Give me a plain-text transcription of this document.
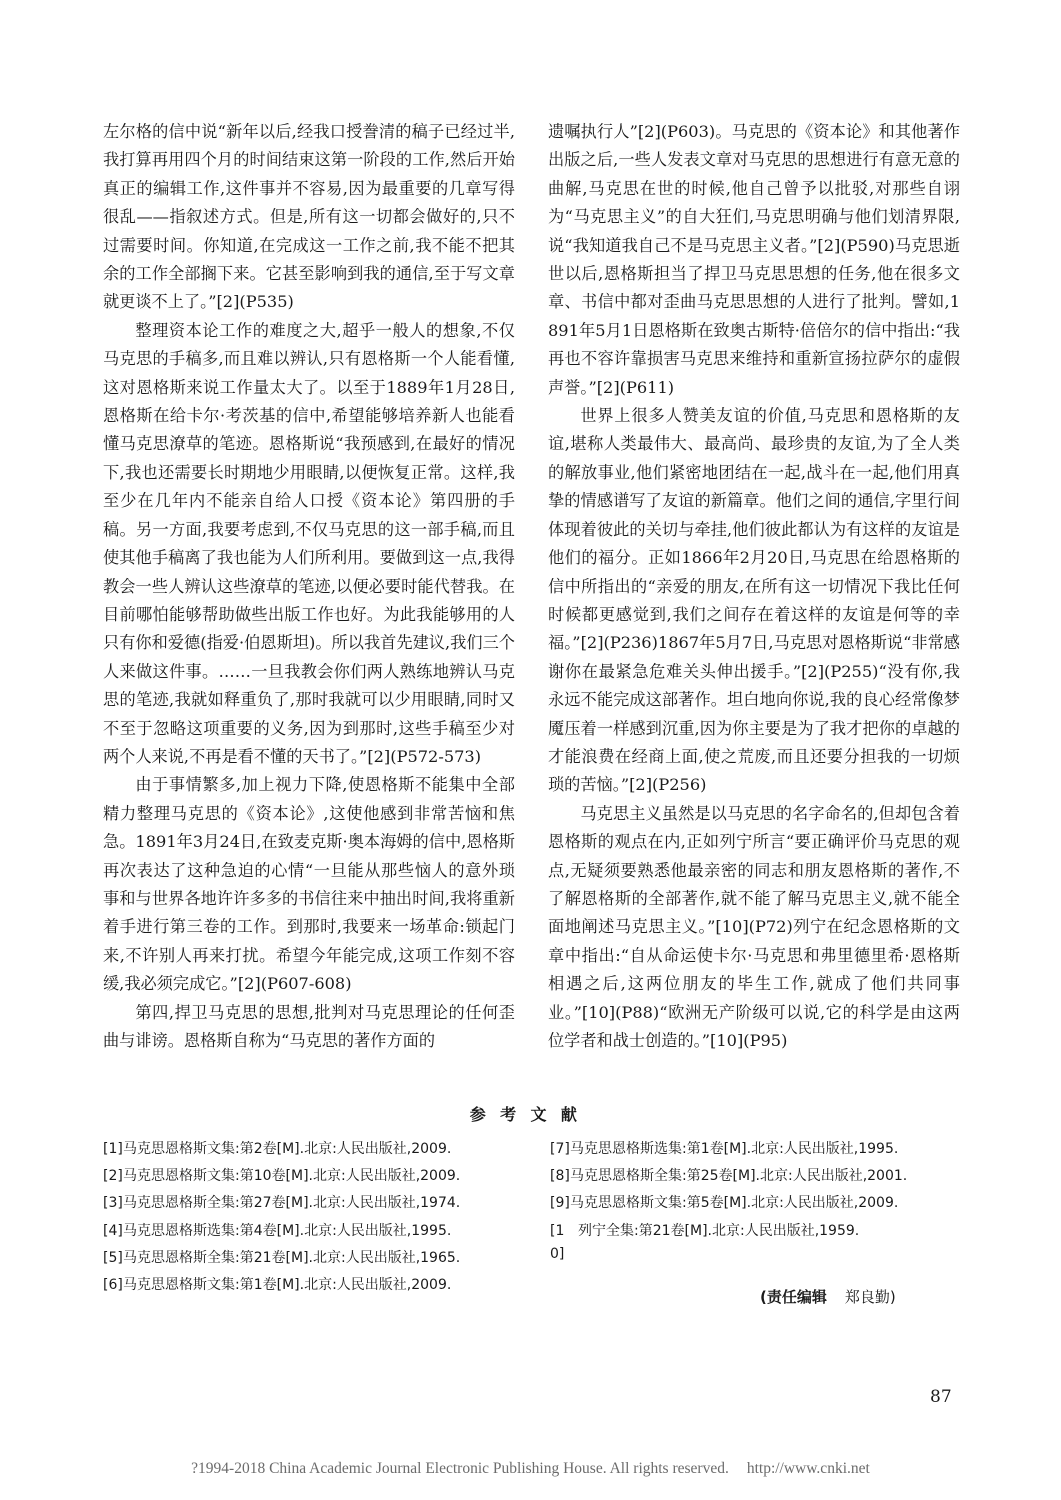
左尔格的信中说“新年以后,经我口授誊清的稿子已经过半,我打算再用四个月的时间结束这第一阶段的工作,然后开始真正的编辑工作,这件事并不容易,因为最重要的几章写得很乱——指叙述方式。但是,所有这一切都会做好的,只不过需要时间。你知道,在完成这一工作之前,我不能不把其余的工作全部搁下来。它甚至影响到我的通信,至于写文章就更谈不上了。”[2](P535)

整理资本论工作的难度之大,超乎一般人的想象,不仅马克思的手稿多,而且难以辨认,只有恩格斯一个人能看懂,这对恩格斯来说工作量太大了。以至于1889年1月28日,恩格斯在给卡尔·考茨基的信中,希望能够培养新人也能看懂马克思潦草的笔迹。恩格斯说“我预感到,在最好的情况下,我也还需要长时期地少用眼睛,以便恢复正常。这样,我至少在几年内不能亲自给人口授《资本论》第四册的手稿。另一方面,我要考虑到,不仅马克思的这一部手稿,而且使其他手稿离了我也能为人们所利用。要做到这一点,我得教会一些人辨认这些潦草的笔迹,以便必要时能代替我。在目前哪怕能够帮助做些出版工作也好。为此我能够用的人只有你和爱德(指爱·伯恩斯坦)。所以我首先建议,我们三个人来做这件事。……一旦我教会你们两人熟练地辨认马克思的笔迹,我就如释重负了,那时我就可以少用眼睛,同时又不至于忽略这项重要的义务,因为到那时,这些手稿至少对两个人来说,不再是看不懂的天书了。”[2](P572-573)

由于事情繁多,加上视力下降,使恩格斯不能集中全部精力整理马克思的《资本论》,这使他感到非常苦恼和焦急。1891年3月24日,在致麦克斯·奥本海姆的信中,恩格斯再次表达了这种急迫的心情“一旦能从那些恼人的意外琐事和与世界各地许许多多的书信往来中抽出时间,我将重新着手进行第三卷的工作。到那时,我要来一场革命:锁起门来,不许别人再来打扰。希望今年能完成,这项工作刻不容缓,我必须完成它。”[2](P607-608)

第四,捍卫马克思的思想,批判对马克思理论的任何歪曲与诽谤。恩格斯自称为“马克思的著作方面的

遗嘱执行人”[2](P603)。马克思的《资本论》和其他著作出版之后,一些人发表文章对马克思的思想进行有意无意的曲解,马克思在世的时候,他自己曾予以批驳,对那些自诩为“马克思主义”的自大狂们,马克思明确与他们划清界限,说“我知道我自己不是马克思主义者。”[2](P590)马克思逝世以后,恩格斯担当了捍卫马克思思想的任务,他在很多文章、书信中都对歪曲马克思思想的人进行了批判。譬如,1891年5月1日恩格斯在致奥古斯特·倍倍尔的信中指出:“我再也不容许靠损害马克思来维持和重新宣扬拉萨尔的虚假声誉。”[2](P611)

世界上很多人赞美友谊的价值,马克思和恩格斯的友谊,堪称人类最伟大、最高尚、最珍贵的友谊,为了全人类的解放事业,他们紧密地团结在一起,战斗在一起,他们用真挚的情感谱写了友谊的新篇章。他们之间的通信,字里行间体现着彼此的关切与牵挂,他们彼此都认为有这样的友谊是他们的福分。正如1866年2月20日,马克思在给恩格斯的信中所指出的“亲爱的朋友,在所有这一切情况下我比任何时候都更感觉到,我们之间存在着这样的友谊是何等的幸福。”[2](P236)1867年5月7日,马克思对恩格斯说“非常感谢你在最紧急危难关头伸出援手。”[2](P255)“没有你,我永远不能完成这部著作。坦白地向你说,我的良心经常像梦魇压着一样感到沉重,因为你主要是为了我才把你的卓越的才能浪费在经商上面,使之荒废,而且还要分担我的一切烦琐的苦恼。”[2](P256)

马克思主义虽然是以马克思的名字命名的,但却包含着恩格斯的观点在内,正如列宁所言“要正确评价马克思的观点,无疑须要熟悉他最亲密的同志和朋友恩格斯的著作,不了解恩格斯的全部著作,就不能了解马克思主义,就不能全面地阐述马克思主义。”[10](P72)列宁在纪念恩格斯的文章中指出:“自从命运使卡尔·马克思和弗里德里希·恩格斯相遇之后,这两位朋友的毕生工作,就成了他们共同事业。”[10](P88)“欧洲无产阶级可以说,它的科学是由这两位学者和战士创造的。”[10](P95)

参考文献
[1] 马克思恩格斯文集:第2卷[M].北京:人民出版社,2009.
[2] 马克思恩格斯文集:第10卷[M].北京:人民出版社,2009.
[3] 马克思恩格斯全集:第27卷[M].北京:人民出版社,1974.
[4] 马克思恩格斯选集:第4卷[M].北京:人民出版社,1995.
[5] 马克思恩格斯全集:第21卷[M].北京:人民出版社,1965.
[6] 马克思恩格斯文集:第1卷[M].北京:人民出版社,2009.
[7] 马克思恩格斯选集:第1卷[M].北京:人民出版社,1995.
[8] 马克思恩格斯全集:第25卷[M].北京:人民出版社,2001.
[9] 马克思恩格斯文集:第5卷[M].北京:人民出版社,2009.
[10]
列宁全集:第21卷[M].北京:人民出版社,1959.
(责任编辑 郑良勤)
87
?1994-2018 China Academic Journal Electronic Publishing House. All rights reserved. http://www.cnki.net
